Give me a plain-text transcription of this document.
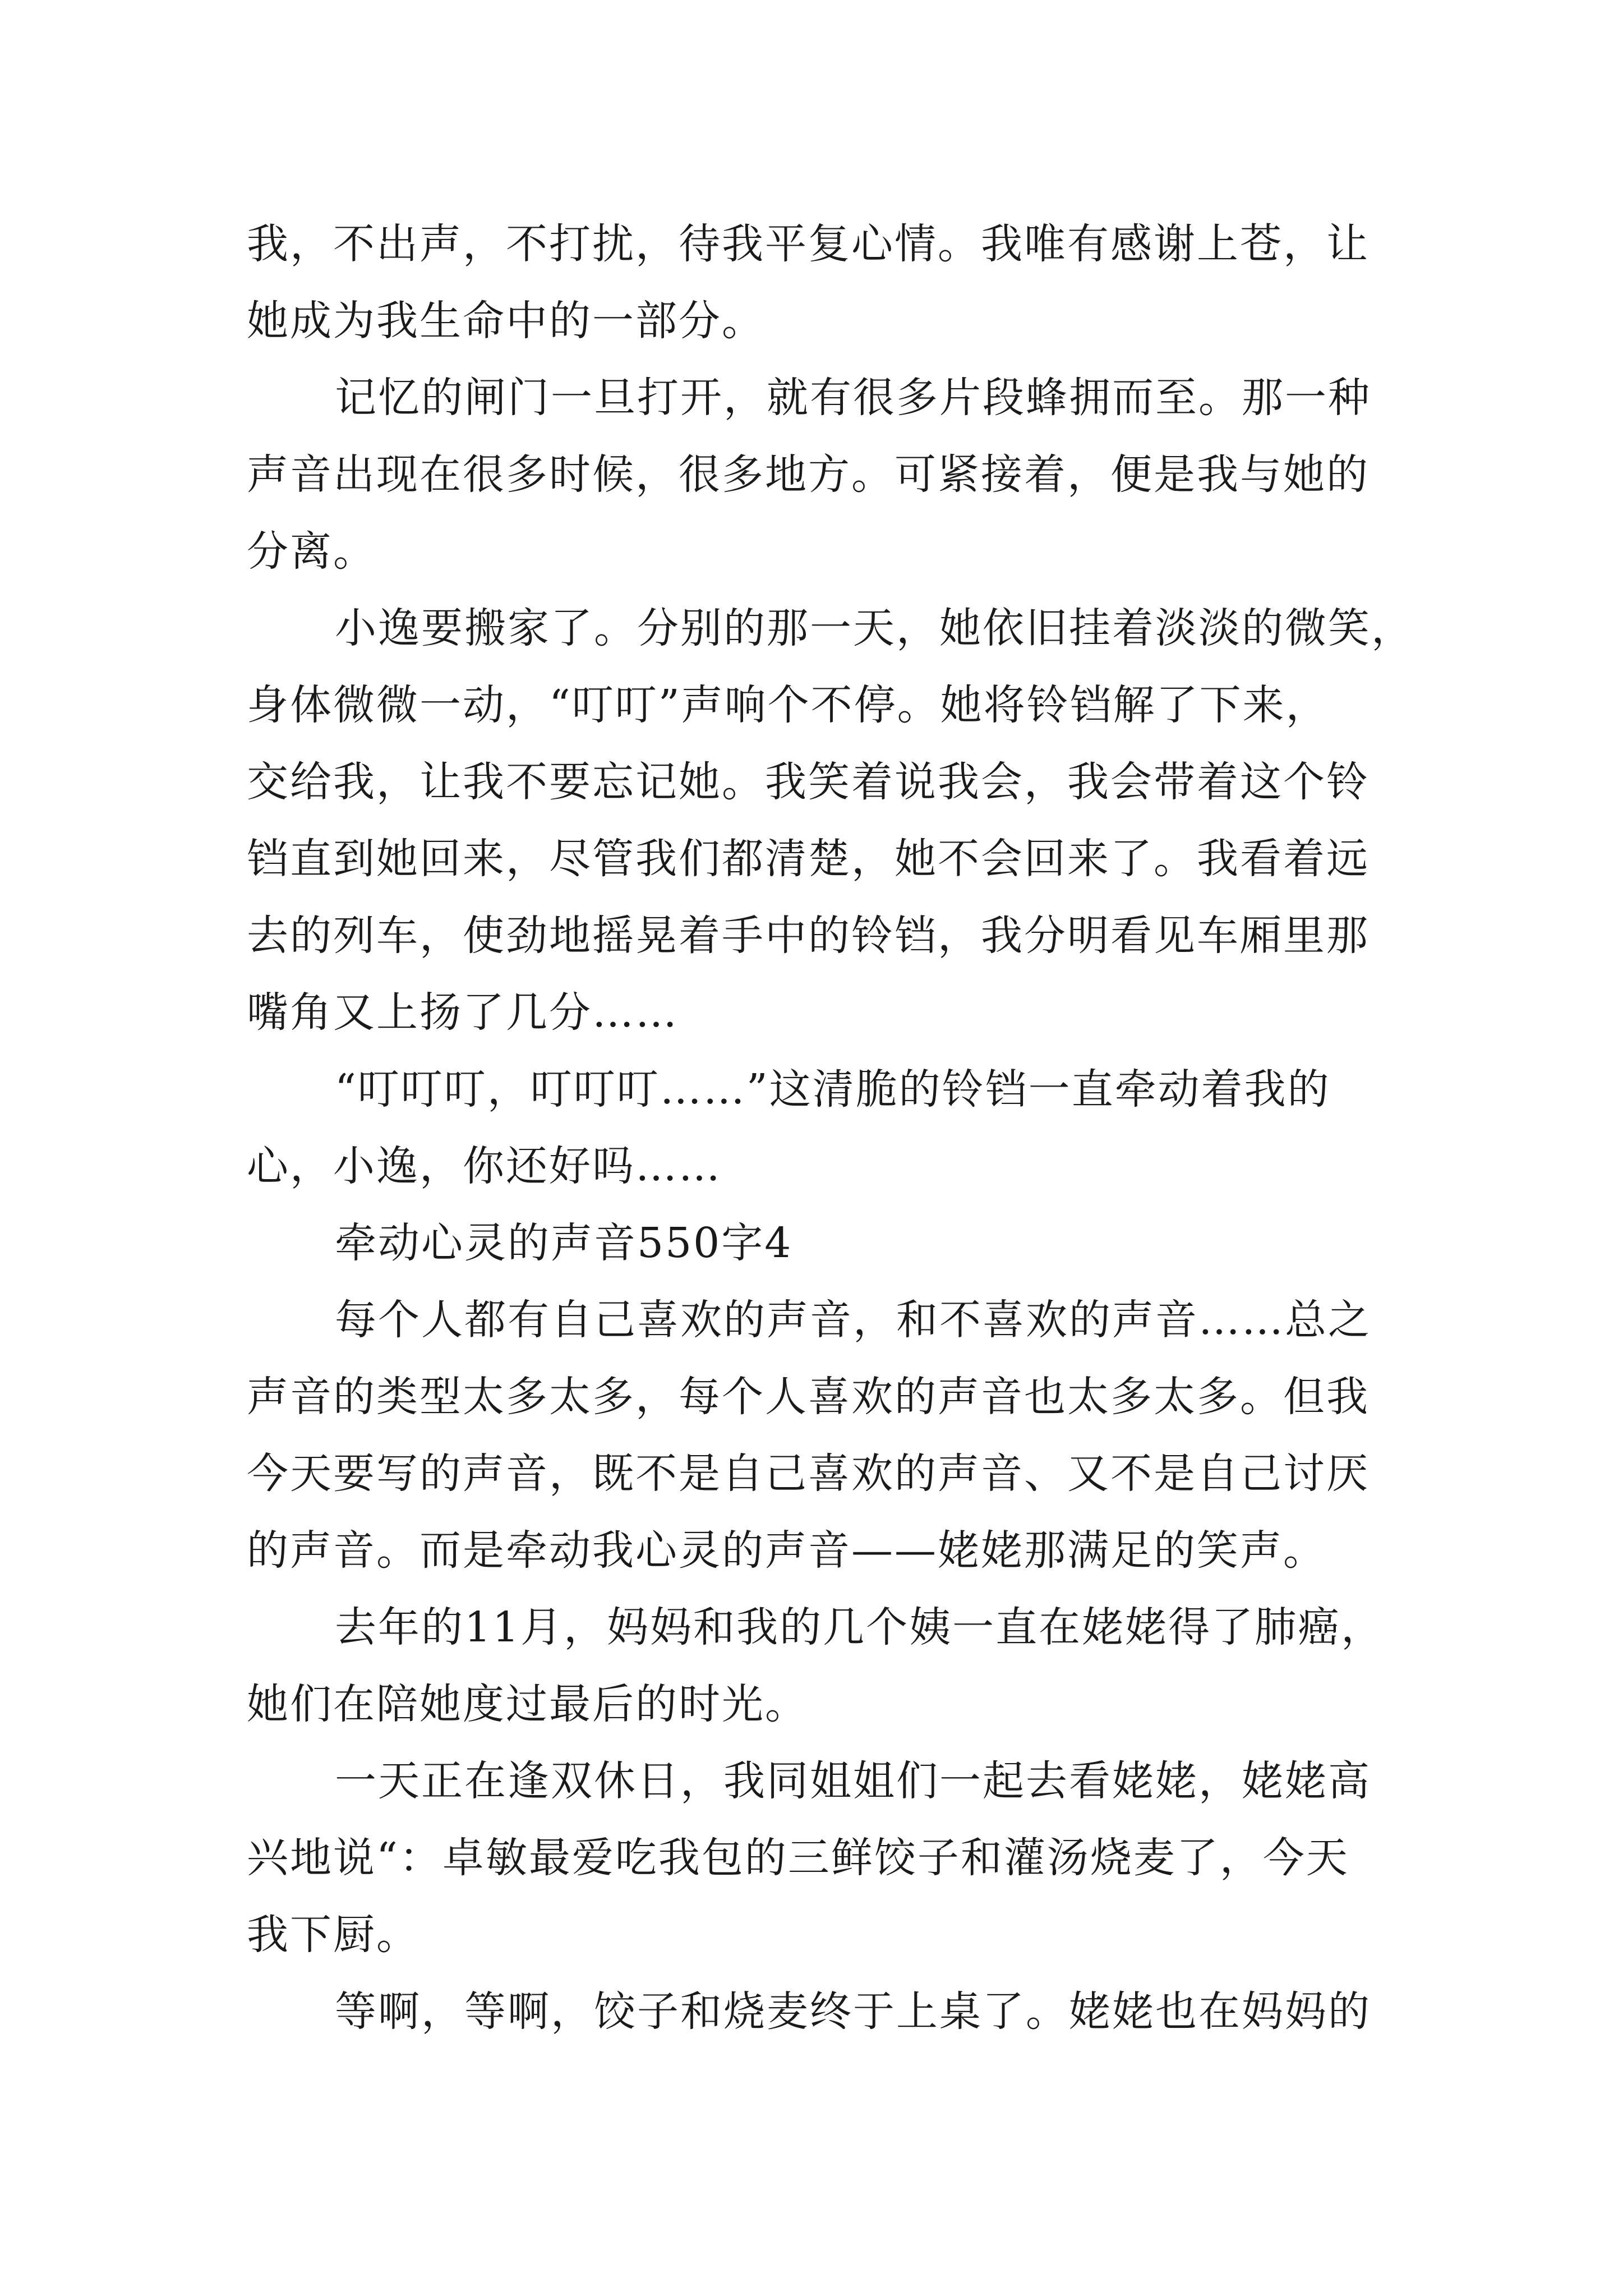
我，不出声，不打扰，待我平复心情。我唯有感谢上苍，让
她成为我生命中的一部分。
记忆的闸门一旦打开，就有很多片段蜂拥而至。那一种
声音出现在很多时候，很多地方。可紧接着，便是我与她的
分离。
小逸要搬家了。分别的那一天，她依旧挂着淡淡的微笑，
身体微微一动，“叮叮”声响个不停。她将铃铛解了下来，
交给我，让我不要忘记她。我笑着说我会，我会带着这个铃
铛直到她回来，尽管我们都清楚，她不会回来了。我看着远
去的列车，使劲地摇晃着手中的铃铛，我分明看见车厢里那
嘴角又上扬了几分……
“叮叮叮，叮叮叮……”这清脆的铃铛一直牵动着我的
心，小逸，你还好吗……
牵动心灵的声音550字4
每个人都有自己喜欢的声音，和不喜欢的声音……总之
声音的类型太多太多，每个人喜欢的声音也太多太多。但我
今天要写的声音，既不是自己喜欢的声音、又不是自己讨厌
的声音。而是牵动我心灵的声音——姥姥那满足的笑声。
去年的11月，妈妈和我的几个姨一直在姥姥得了肺癌，
她们在陪她度过最后的时光。
一天正在逢双休日，我同姐姐们一起去看姥姥，姥姥高
兴地说“：卓敏最爱吃我包的三鲜饺子和灌汤烧麦了，今天
我下厨。
等啊，等啊，饺子和烧麦终于上桌了。姥姥也在妈妈的
